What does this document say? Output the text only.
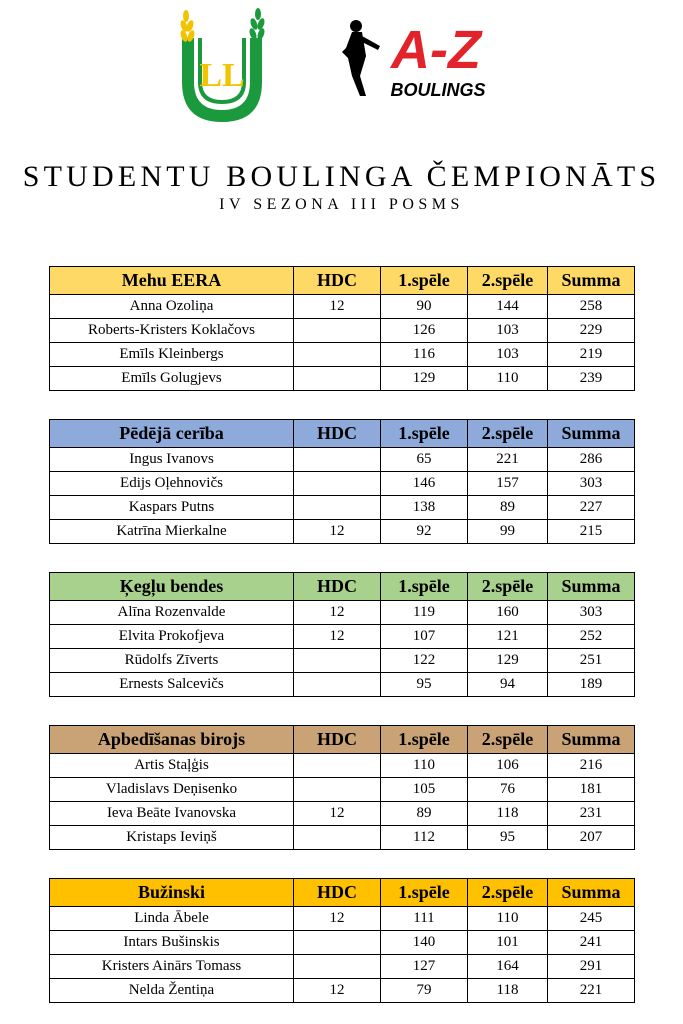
LL	A-Z
BOULINGS
STUDENTU BOULINGA ČEMPIONĀTS
IV SEZONA III POSMS
Mehu EERA	HDC	1.spēle	2.spēle	Summa
Anna Ozoliņa	12	90	144	258
Roberts-Kristers Koklačovs		126	103	229
Emīls Kleinbergs		116	103	219
Emīls Golugjevs		129	110	239
Pēdējā cerība	HDC	1.spēle	2.spēle	Summa
Ingus Ivanovs		65	221	286
Edijs Oļehnovičs		146	157	303
Kaspars Putns		138	89	227
Katrīna Mierkalne	12	92	99	215
Ķegļu bendes	HDC	1.spēle	2.spēle	Summa
Alīna Rozenvalde	12	119	160	303
Elvita Prokofjeva	12	107	121	252
Rūdolfs Zīverts		122	129	251
Ernests Salcevičs		95	94	189
Apbedīšanas birojs	HDC	1.spēle	2.spēle	Summa
Artis Staļģis		110	106	216
Vladislavs Deņisenko		105	76	181
Ieva Beāte Ivanovska	12	89	118	231
Kristaps Ieviņš		112	95	207
Bužinski	HDC	1.spēle	2.spēle	Summa
Linda Ābele	12	111	110	245
Intars Bušinskis		140	101	241
Kristers Ainārs Tomass		127	164	291
Nelda Žentiņa	12	79	118	221
